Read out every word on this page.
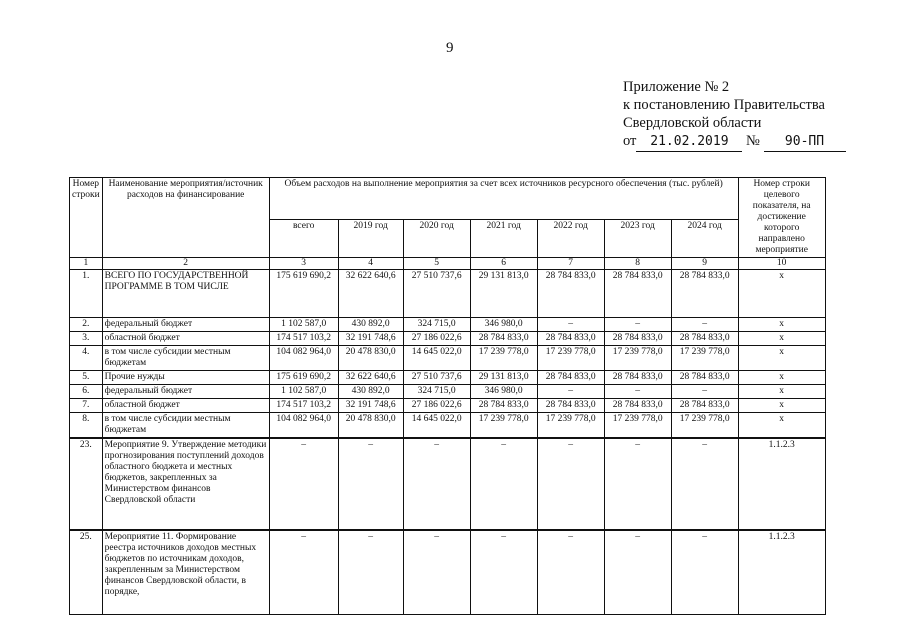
9
Приложение № 2
к постановлению Правительства
Свердловской области
от 21.02.2019 № 90-ПП
Номер строки	Наименование мероприятия/источник расходов на финансирование	Объем расходов на выполнение мероприятия за счет всех источников ресурсного обеспечения (тыс. рублей)							Номер строки целевого показателя, на достижение которого направлено мероприятие
		всего	2019 год	2020 год	2021 год	2022 год	2023 год	2024 год	
1	2	3	4	5	6	7	8	9	10
1.	ВСЕГО ПО ГОСУДАРСТВЕННОЙ ПРОГРАММЕ В ТОМ ЧИСЛЕ	175 619 690,2	32 622 640,6	27 510 737,6	29 131 813,0	28 784 833,0	28 784 833,0	28 784 833,0	x
2.	федеральный бюджет	1 102 587,0	430 892,0	324 715,0	346 980,0	–	–	–	x
3.	областной бюджет	174 517 103,2	32 191 748,6	27 186 022,6	28 784 833,0	28 784 833,0	28 784 833,0	28 784 833,0	x
4.	в том числе субсидии местным бюджетам	104 082 964,0	20 478 830,0	14 645 022,0	17 239 778,0	17 239 778,0	17 239 778,0	17 239 778,0	x
5.	Прочие нужды	175 619 690,2	32 622 640,6	27 510 737,6	29 131 813,0	28 784 833,0	28 784 833,0	28 784 833,0	x
6.	федеральный бюджет	1 102 587,0	430 892,0	324 715,0	346 980,0	–	–	–	x
7.	областной бюджет	174 517 103,2	32 191 748,6	27 186 022,6	28 784 833,0	28 784 833,0	28 784 833,0	28 784 833,0	x
8.	в том числе субсидии местным бюджетам	104 082 964,0	20 478 830,0	14 645 022,0	17 239 778,0	17 239 778,0	17 239 778,0	17 239 778,0	x
23.	Мероприятие 9. Утверждение методики прогнозирования поступлений доходов областного бюджета и местных бюджетов, закрепленных за Министерством финансов Свердловской области	–	–	–	–	–	–	–	1.1.2.3
25.	Мероприятие 11. Формирование реестра источников доходов местных бюджетов по источникам доходов, закрепленным за Министерством финансов Свердловской области, в порядке,	–	–	–	–	–	–	–	1.1.2.3
